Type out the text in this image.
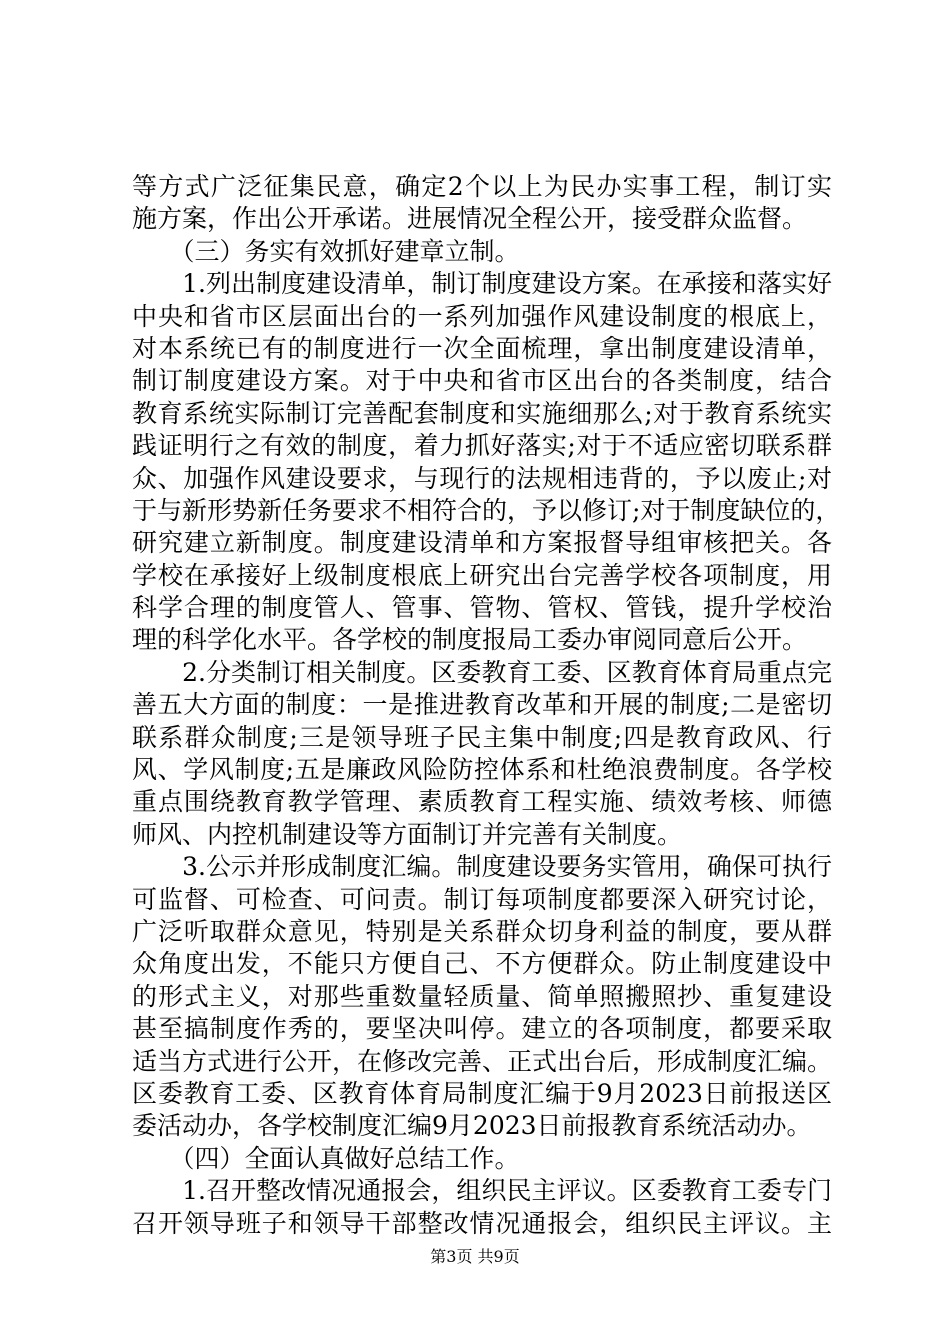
等方式广泛征集民意，确定2个以上为民办实事工程，制订实
施方案，作出公开承诺。进展情况全程公开，接受群众监督。
　　（三）务实有效抓好建章立制。
　　1.列出制度建设清单，制订制度建设方案。在承接和落实好
中央和省市区层面出台的一系列加强作风建设制度的根底上，
对本系统已有的制度进行一次全面梳理，拿出制度建设清单，
制订制度建设方案。对于中央和省市区出台的各类制度，结合
教育系统实际制订完善配套制度和实施细那么;对于教育系统实
践证明行之有效的制度，着力抓好落实;对于不适应密切联系群
众、加强作风建设要求，与现行的法规相违背的，予以废止;对
于与新形势新任务要求不相符合的，予以修订;对于制度缺位的，
研究建立新制度。制度建设清单和方案报督导组审核把关。各
学校在承接好上级制度根底上研究出台完善学校各项制度，用
科学合理的制度管人、管事、管物、管权、管钱，提升学校治
理的科学化水平。各学校的制度报局工委办审阅同意后公开。
　　2.分类制订相关制度。区委教育工委、区教育体育局重点完
善五大方面的制度：一是推进教育改革和开展的制度;二是密切
联系群众制度;三是领导班子民主集中制度;四是教育政风、行
风、学风制度;五是廉政风险防控体系和杜绝浪费制度。各学校
重点围绕教育教学管理、素质教育工程实施、绩效考核、师德
师风、内控机制建设等方面制订并完善有关制度。
　　3.公示并形成制度汇编。制度建设要务实管用，确保可执行
可监督、可检查、可问责。制订每项制度都要深入研究讨论，
广泛听取群众意见，特别是关系群众切身利益的制度，要从群
众角度出发，不能只方便自己、不方便群众。防止制度建设中
的形式主义，对那些重数量轻质量、简单照搬照抄、重复建设
甚至搞制度作秀的，要坚决叫停。建立的各项制度，都要采取
适当方式进行公开，在修改完善、正式出台后，形成制度汇编。
区委教育工委、区教育体育局制度汇编于9月2023日前报送区
委活动办，各学校制度汇编9月2023日前报教育系统活动办。
　　（四）全面认真做好总结工作。
　　1.召开整改情况通报会，组织民主评议。区委教育工委专门
召开领导班子和领导干部整改情况通报会，组织民主评议。主
第3页 共9页
